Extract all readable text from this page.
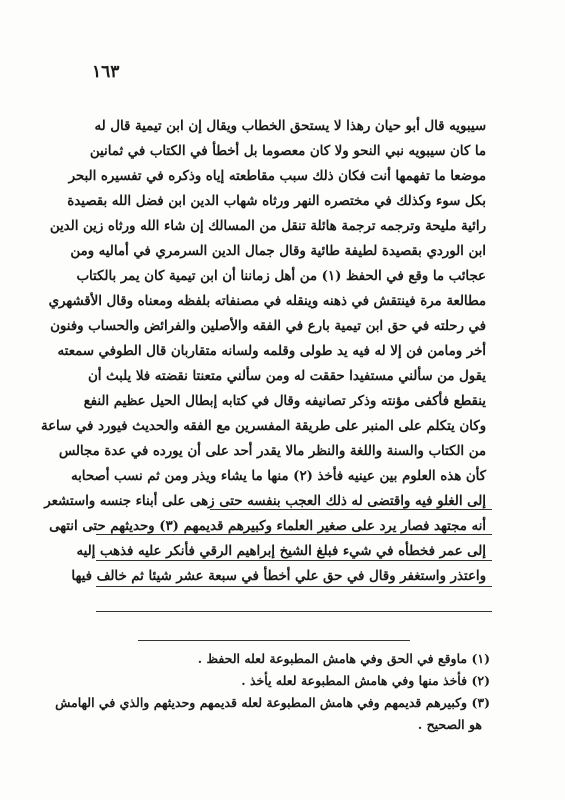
١٦٣
سيبويه قال أبو حيان رهذا لا يستحق الخطاب ويقال إن ابن تيمية قال له
ما كان سيبويه نبي النحو ولا كان معصوما بل أخطأ في الكتاب في ثمانين
موضعا ما تفهمها أنت فكان ذلك سبب مقاطعته إياه وذكره في تفسيره البحر
بكل سوء وكذلك في مختصره النهر ورثاه شهاب الدين ابن فضل الله بقصيدة
رائية مليحة وترجمه ترجمة هائلة تنقل من المسالك إن شاء الله ورثاه زين الدين
ابن الوردي بقصيدة لطيفة طائية وقال جمال الدين السرمري في أماليه ومن
عجائب ما وقع في الحفظ (١) من أهل زماننا أن ابن تيمية كان يمر بالكتاب
مطالعة مرة فينتقش في ذهنه وينقله في مصنفاته بلفظه ومعناه وقال الأقشهري
في رحلته في حق ابن تيمية بارع في الفقه والأصلين والفرائض والحساب وفنون
أخر ومامن فن إلا له فيه يد طولى وقلمه ولسانه متقاربان قال الطوفي سمعته
يقول من سألني مستفيدا حققت له ومن سألني متعنتا نقضته فلا يلبث أن
ينقطع فأكفى مؤنته وذكر تصانيفه وقال في كتابه إبطال الحيل عظيم النفع
وكان يتكلم على المنبر على طريقة المفسرين مع الفقه والحديث فيورد في ساعة
من الكتاب والسنة واللغة والنظر مالا يقدر أحد على أن يورده في عدة مجالس
كأن هذه العلوم بين عينيه فأخذ (٢) منها ما يشاء ويذر ومن ثم نسب أصحابه
إلى الغلو فيه واقتضى له ذلك العجب بنفسه حتى زهى على أبناء جنسه واستشعر
أنه مجتهد فصار يرد على صغير العلماء وكبيرهم قديمهم (٣) وحديثهم حتى انتهى
إلى عمر فخطأه في شيء فبلغ الشيخ إبراهيم الرقي فأنكر عليه فذهب إليه
واعتذر واستغفر وقال في حق علي أخطأ في سبعة عشر شيئا ثم خالف فيها
(١) ماوقع في الحق وفي هامش المطبوعة لعله الحفظ .
(٢) فأخذ منها وفي هامش المطبوعة لعله يأخذ .
(٣) وكبيرهم قديمهم وفي هامش المطبوعة لعله قديمهم وحديثهم والذي في الهامش
هو الصحيح .
